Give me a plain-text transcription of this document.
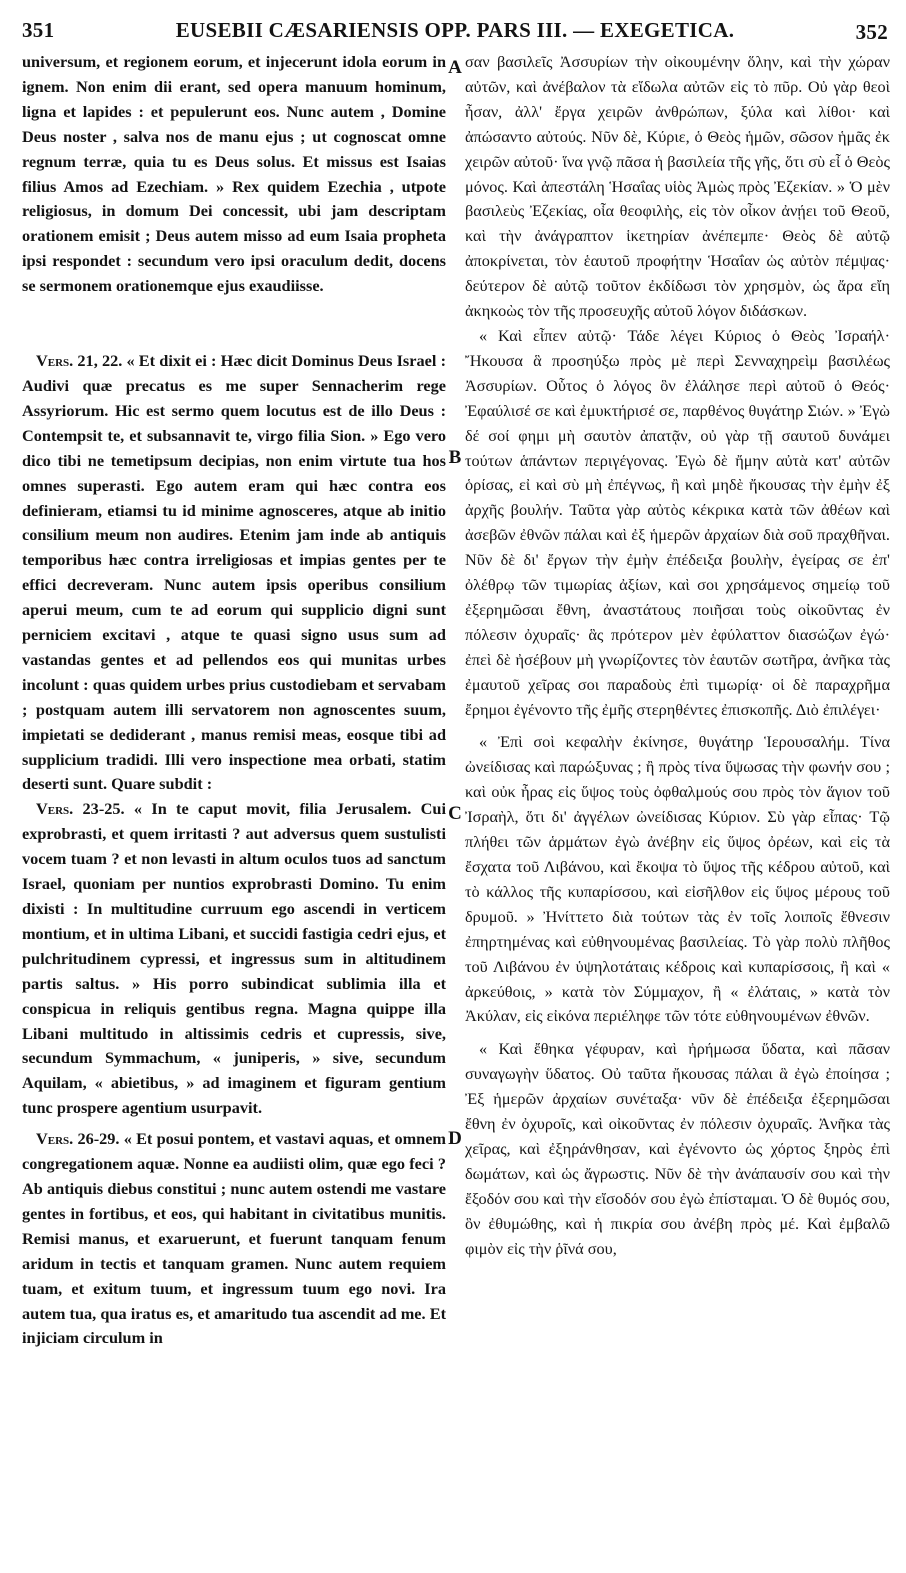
351	EUSEBII CÆSARIENSIS OPP. PARS III. — EXEGETICA.	352

universum, et regionem eorum, et injecerunt idola eorum in ignem. Non enim dii erant, sed opera manuum hominum, ligna et lapides : et pepulerunt eos. Nunc autem , Domine Deus noster , salva nos de manu ejus ; ut cognoscat omne regnum terræ, quia tu es Deus solus. Et missus est Isaias filius Amos ad Ezechiam. » Rex quidem Ezechia , utpote religiosus, in domum Dei concessit, ubi jam descriptam orationem emisit ; Deus autem misso ad eum Isaia propheta ipsi respondet : secundum vero ipsi oraculum dedit, docens se sermonem orationemque ejus exaudiisse.

Vers. 21, 22. « Et dixit ei : Hæc dicit Dominus Deus Israel : Audivi quæ precatus es me super Sennacherim rege Assyriorum. Hic est sermo quem locutus est de illo Deus : Contempsit te, et subsannavit te, virgo filia Sion. » Ego vero dico tibi ne temetipsum decipias, non enim virtute tua hos omnes superasti. Ego autem eram qui hæc contra eos definieram, etiamsi tu id minime agnosceres, atque ab initio consilium meum non audires. Etenim jam inde ab antiquis temporibus hæc contra irreligiosas et impias gentes per te effici decreveram. Nunc autem ipsis operibus consilium aperui meum, cum te ad eorum qui supplicio digni sunt perniciem excitavi , atque te quasi signo usus sum ad vastandas gentes et ad pellendos eos qui munitas urbes incolunt : quas quidem urbes prius custodiebam et servabam ; postquam autem illi servatorem non agnoscentes suum, impietati se dediderant , manus remisi meas, eosque tibi ad supplicium tradidi. Illi vero inspectione mea orbati, statim deserti sunt. Quare subdit :

Vers. 23-25. « In te caput movit, filia Jerusalem. Cui exprobrasti, et quem irritasti ? aut adversus quem sustulisti vocem tuam ? et non levasti in altum oculos tuos ad sanctum Israel, quoniam per nuntios exprobrasti Domino. Tu enim dixisti : In multitudine curruum ego ascendi in verticem montium, et in ultima Libani, et succidi fastigia cedri ejus, et pulchritudinem cypressi, et ingressus sum in altitudinem partis saltus. » His porro subindicat sublimia illa et conspicua in reliquis gentibus regna. Magna quippe illa Libani multitudo in altissimis cedris et cupressis, sive, secundum Symmachum, « juniperis, » sive, secundum Aquilam, « abietibus, » ad imaginem et figuram gentium tunc prospere agentium usurpavit.

Vers. 26-29. « Et posui pontem, et vastavi aquas, et omnem congregationem aquæ. Nonne ea audiisti olim, quæ ego feci ? Ab antiquis diebus constitui ; nunc autem ostendi me vastare gentes in fortibus, et eos, qui habitant in civitatibus munitis. Remisi manus, et exaruerunt, et fuerunt tanquam fenum aridum in tectis et tanquam gramen. Nunc autem requiem tuam, et exitum tuum, et ingressum tuum ego novi. Ira autem tua, qua iratus es, et amaritudo tua ascendit ad me. Et injiciam circulum in

σαν βασιλεῖς Ἀσσυρίων τὴν οἰκουμένην ὅλην, καὶ τὴν χώραν αὐτῶν, καὶ ἀνέβαλον τὰ εἴδωλα αὐτῶν εἰς τὸ πῦρ. Οὐ γὰρ θεοὶ ἦσαν, ἀλλ' ἔργα χειρῶν ἀνθρώπων, ξύλα καὶ λίθοι· καὶ ἀπώσαντο αὐτούς. Νῦν δὲ, Κύριε, ὁ Θεὸς ἡμῶν, σῶσον ἡμᾶς ἐκ χειρῶν αὐτοῦ· ἵνα γνῷ πᾶσα ἡ βασιλεία τῆς γῆς, ὅτι σὺ εἶ ὁ Θεὸς μόνος. Καὶ ἀπεστάλη Ἡσαΐας υἱὸς Ἀμὼς πρὸς Ἐζεκίαν. » Ὁ μὲν βασιλεὺς Ἐζεκίας, οἷα θεοφιλὴς, εἰς τὸν οἶκον ἀνῄει τοῦ Θεοῦ, καὶ τὴν ἀνάγραπτον ἱκετηρίαν ἀνέπεμπε· Θεὸς δὲ αὐτῷ ἀποκρίνεται, τὸν ἑαυτοῦ προφήτην Ἡσαΐαν ὡς αὐτὸν πέμψας· δεύτερον δὲ αὐτῷ τοῦτον ἐκδίδωσι τὸν χρησμὸν, ὡς ἄρα εἴη ἀκηκοὼς τὸν τῆς προσευχῆς αὐτοῦ λόγον διδάσκων.

« Καὶ εἶπεν αὐτῷ· Τάδε λέγει Κύριος ὁ Θεὸς Ἰσραήλ· Ἤκουσα ἃ προσηύξω πρὸς μὲ περὶ Σενναχηρεὶμ βασιλέως Ἀσσυρίων. Οὗτος ὁ λόγος ὃν ἐλάλησε περὶ αὐτοῦ ὁ Θεός· Ἐφαύλισέ σε καὶ ἐμυκτήρισέ σε, παρθένος θυγάτηρ Σιών. » Ἐγὼ δέ σοί φημι μὴ σαυτὸν ἀπατᾷν, οὐ γὰρ τῇ σαυτοῦ δυνάμει τούτων ἁπάντων περιγέγονας. Ἐγὼ δὲ ἤμην αὐτὰ κατ' αὐτῶν ὁρίσας, εἰ καὶ σὺ μὴ ἐπέγνως, ἢ καὶ μηδὲ ἤκουσας τὴν ἐμὴν ἐξ ἀρχῆς βουλήν. Ταῦτα γὰρ αὐτὸς κέκρικα κατὰ τῶν ἀθέων καὶ ἀσεβῶν ἐθνῶν πάλαι καὶ ἐξ ἡμερῶν ἀρχαίων διὰ σοῦ πραχθῆναι. Νῦν δὲ δι' ἔργων τὴν ἐμὴν ἐπέδειξα βουλὴν, ἐγείρας σε ἐπ' ὀλέθρῳ τῶν τιμωρίας ἀξίων, καὶ σοι χρησάμενος σημείῳ τοῦ ἐξερημῶσαι ἔθνη, ἀναστάτους ποιῆσαι τοὺς οἰκοῦντας ἐν πόλεσιν ὀχυραῖς· ἃς πρότερον μὲν ἐφύλαττον διασώζων ἐγώ· ἐπεὶ δὲ ἠσέβουν μὴ γνωρίζοντες τὸν ἑαυτῶν σωτῆρα, ἀνῆκα τὰς ἐμαυτοῦ χεῖρας σοι παραδοὺς ἐπὶ τιμωρίᾳ· οἱ δὲ παραχρῆμα ἔρημοι ἐγένοντο τῆς ἐμῆς στερηθέντες ἐπισκοπῆς. Διὸ ἐπιλέγει·

« Ἐπὶ σοὶ κεφαλὴν ἐκίνησε, θυγάτηρ Ἱερουσαλήμ. Τίνα ὠνείδισας καὶ παρώξυνας ; ἢ πρὸς τίνα ὕψωσας τὴν φωνήν σου ; καὶ οὐκ ἦρας εἰς ὕψος τοὺς ὀφθαλμούς σου πρὸς τὸν ἅγιον τοῦ Ἰσραὴλ, ὅτι δι' ἀγγέλων ὠνείδισας Κύριον. Σὺ γὰρ εἶπας· Τῷ πλήθει τῶν ἁρμάτων ἐγὼ ἀνέβην εἰς ὕψος ὀρέων, καὶ εἰς τὰ ἔσχατα τοῦ Λιβάνου, καὶ ἔκοψα τὸ ὕψος τῆς κέδρου αὐτοῦ, καὶ τὸ κάλλος τῆς κυπαρίσσου, καὶ εἰσῆλθον εἰς ὕψος μέρους τοῦ δρυμοῦ. » Ἠνίττετο διὰ τούτων τὰς ἐν τοῖς λοιποῖς ἔθνεσιν ἐπηρτημένας καὶ εὐθηνουμένας βασιλείας. Τὸ γὰρ πολὺ πλῆθος τοῦ Λιβάνου ἐν ὑψηλοτάταις κέδροις καὶ κυπαρίσσοις, ἢ καὶ « ἀρκεύθοις, » κατὰ τὸν Σύμμαχον, ἢ « ἐλάταις, » κατὰ τὸν Ἀκύλαν, εἰς εἰκόνα περιέληφε τῶν τότε εὐθηνουμένων ἐθνῶν.

« Καὶ ἔθηκα γέφυραν, καὶ ἠρήμωσα ὕδατα, καὶ πᾶσαν συναγωγὴν ὕδατος. Οὐ ταῦτα ἤκουσας πάλαι ἃ ἐγὼ ἐποίησα ; Ἐξ ἡμερῶν ἀρχαίων συνέταξα· νῦν δὲ ἐπέδειξα ἐξερημῶσαι ἔθνη ἐν ὀχυροῖς, καὶ οἰκοῦντας ἐν πόλεσιν ὀχυραῖς. Ἀνῆκα τὰς χεῖρας, καὶ ἐξηράνθησαν, καὶ ἐγένοντο ὡς χόρτος ξηρὸς ἐπὶ δωμάτων, καὶ ὡς ἄγρωστις. Νῦν δὲ τὴν ἀνάπαυσίν σου καὶ τὴν ἔξοδόν σου καὶ τὴν εἴσοδόν σου ἐγὼ ἐπίσταμαι. Ὁ δὲ θυμός σου, ὃν ἐθυμώθης, καὶ ἡ πικρία σου ἀνέβη πρὸς μέ. Καὶ ἐμβαλῶ φιμὸν εἰς τὴν ῥῖνά σου,

A
B
C
D
